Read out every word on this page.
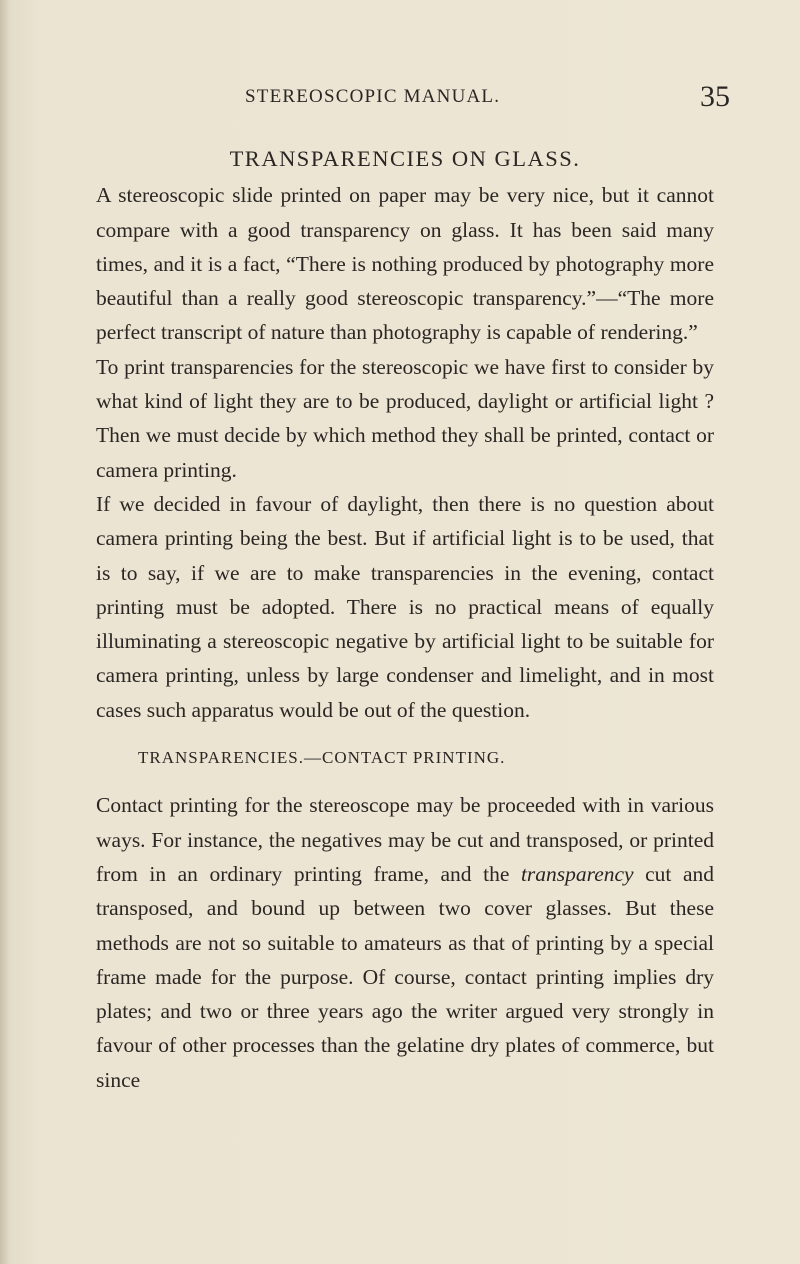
STEREOSCOPIC MANUAL.	35
TRANSPARENCIES ON GLASS.

A stereoscopic slide printed on paper may be very nice, but it cannot compare with a good transparency on glass. It has been said many times, and it is a fact, “There is nothing produced by photography more beautiful than a really good stereoscopic transparency.”—“The more perfect transcript of nature than photography is capable of rendering.”

To print transparencies for the stereoscopic we have first to consider by what kind of light they are to be produced, daylight or artificial light ? Then we must decide by which method they shall be printed, contact or camera printing.

If we decided in favour of daylight, then there is no question about camera printing being the best. But if artificial light is to be used, that is to say, if we are to make transparencies in the evening, contact printing must be adopted. There is no practical means of equally illuminating a stereoscopic negative by artificial light to be suitable for camera printing, unless by large condenser and limelight, and in most cases such apparatus would be out of the question.

TRANSPARENCIES.—CONTACT PRINTING.

Contact printing for the stereoscope may be proceeded with in various ways. For instance, the negatives may be cut and transposed, or printed from in an ordinary printing frame, and the transparency cut and transposed, and bound up between two cover glasses. But these methods are not so suitable to amateurs as that of printing by a special frame made for the purpose. Of course, contact printing implies dry plates; and two or three years ago the writer argued very strongly in favour of other processes than the gelatine dry plates of commerce, but since
